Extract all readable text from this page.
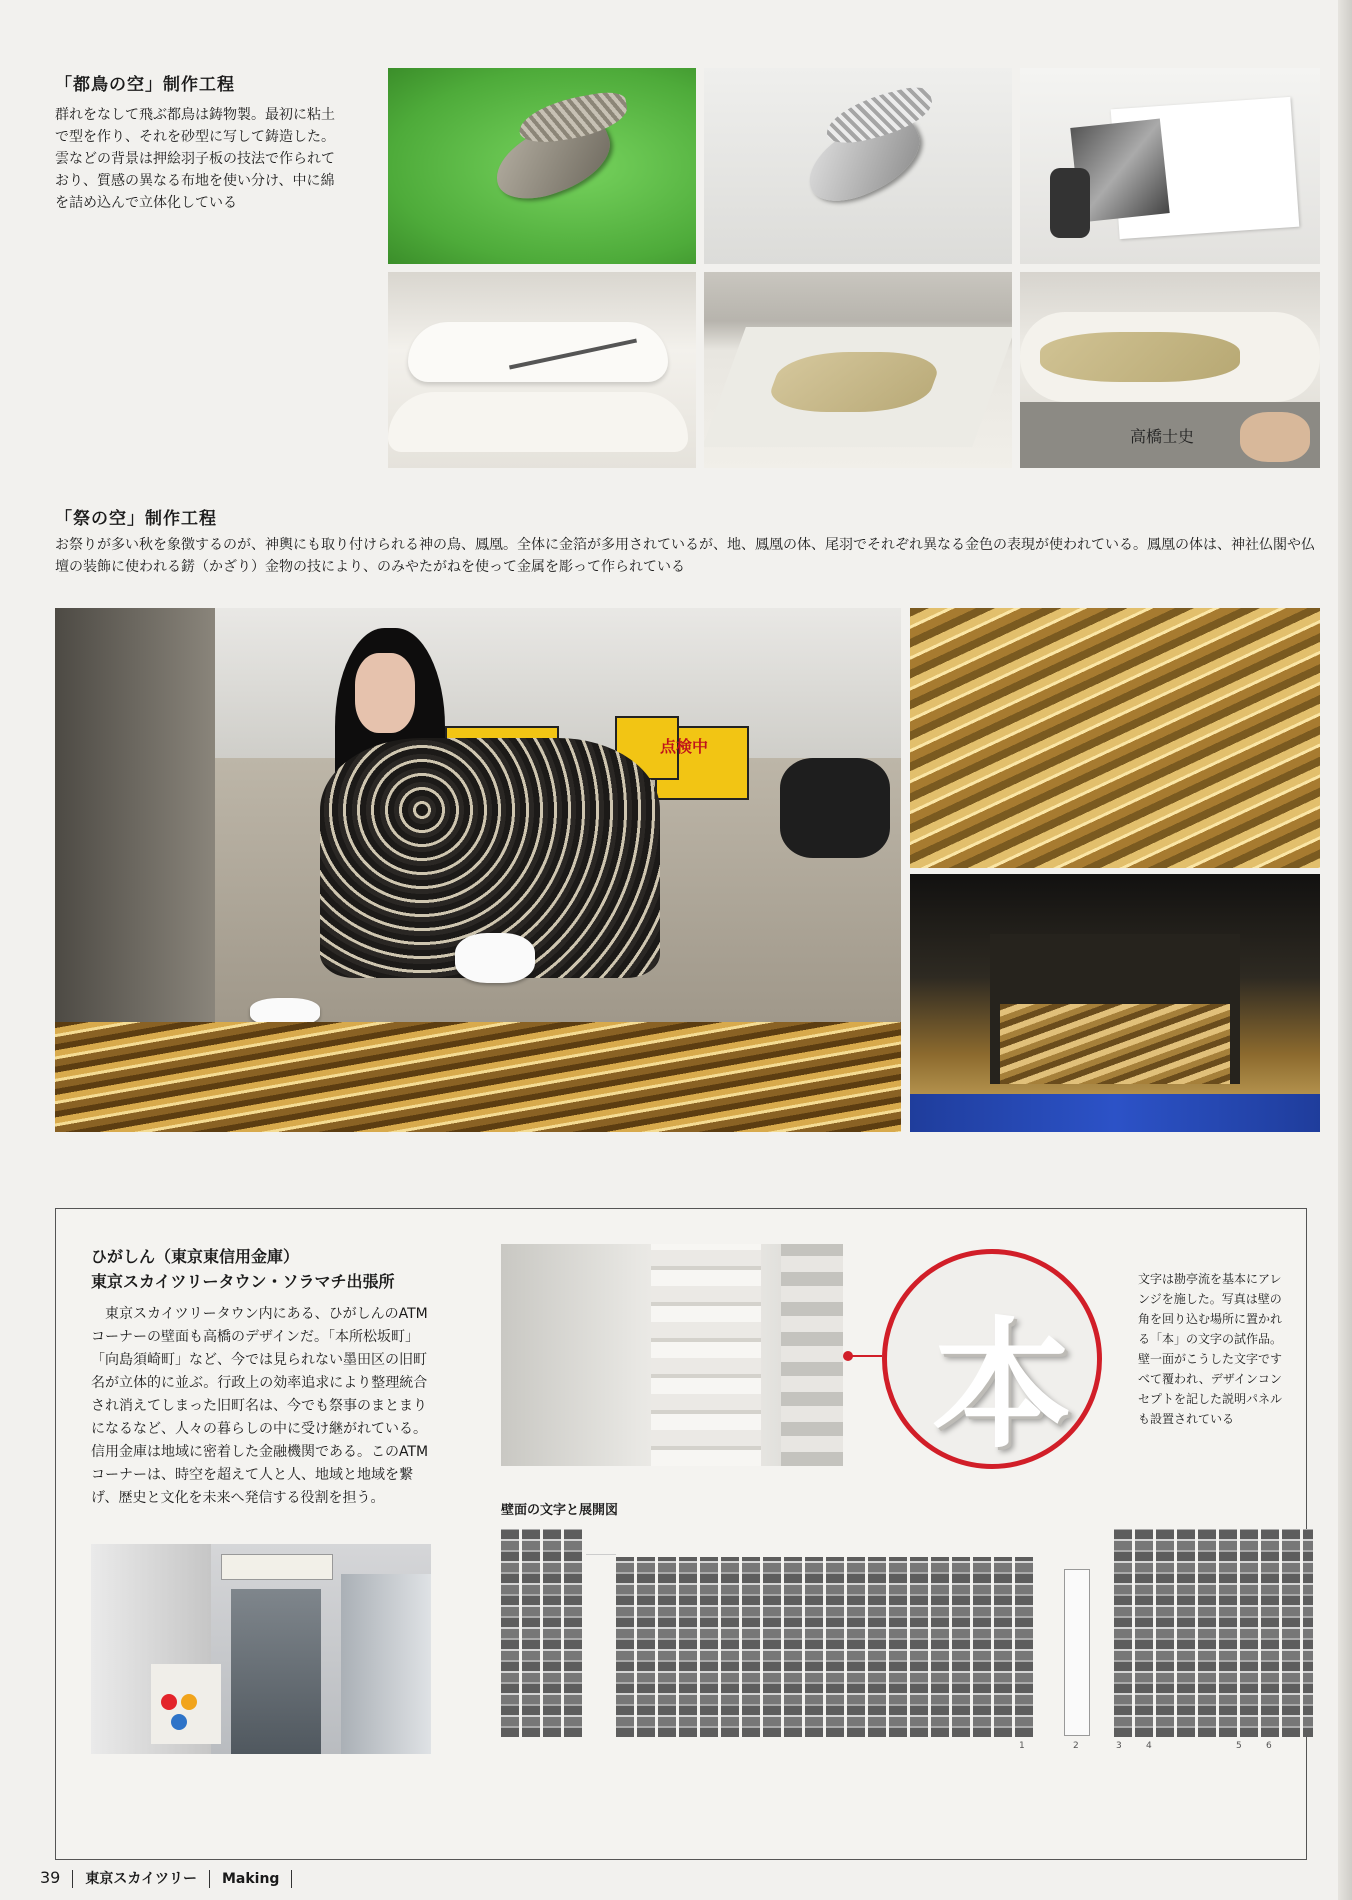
「都鳥の空」制作工程
群れをなして飛ぶ都鳥は鋳物製。最初に粘土で型を作り、それを砂型に写して鋳造した。雲などの背景は押絵羽子板の技法で作られており、質感の異なる布地を使い分け、中に綿を詰め込んで立体化している
高橋士史
「祭の空」制作工程
お祭りが多い秋を象徴するのが、神輿にも取り付けられる神の鳥、鳳凰。全体に金箔が多用されているが、地、鳳凰の体、尾羽でそれぞれ異なる金色の表現が使われている。鳳凰の体は、神社仏閣や仏壇の装飾に使われる錺（かざり）金物の技により、のみやたがねを使って金属を彫って作られている
点検中
ひがしん（東京東信用金庫）
東京スカイツリータウン・ソラマチ出張所
東京スカイツリータウン内にある、ひがしんのATMコーナーの壁面も高橋のデザインだ。「本所松坂町」「向島須崎町」など、今では見られない墨田区の旧町名が立体的に並ぶ。行政上の効率追求により整理統合され消えてしまった旧町名は、今でも祭事のまとまりになるなど、人々の暮らしの中に受け継がれている。信用金庫は地域に密着した金融機関である。このATMコーナーは、時空を超えて人と人、地域と地域を繋げ、歴史と文化を未来へ発信する役割を担う。
本
文字は勘亭流を基本にアレンジを施した。写真は壁の角を回り込む場所に置かれる「本」の文字の試作品。壁一面がこうした文字ですべて覆われ、デザインコンセプトを記した説明パネルも設置されている
壁面の文字と展開図
1	2	3	4	5	6
39 東京スカイツリー Making
